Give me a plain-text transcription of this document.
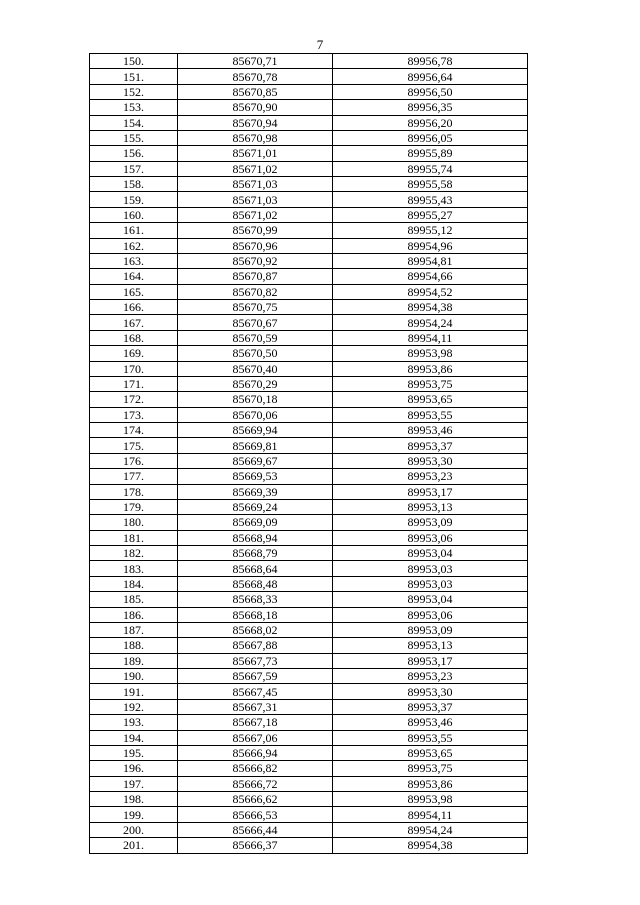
7
150.	85670,71	89956,78
151.	85670,78	89956,64
152.	85670,85	89956,50
153.	85670,90	89956,35
154.	85670,94	89956,20
155.	85670,98	89956,05
156.	85671,01	89955,89
157.	85671,02	89955,74
158.	85671,03	89955,58
159.	85671,03	89955,43
160.	85671,02	89955,27
161.	85670,99	89955,12
162.	85670,96	89954,96
163.	85670,92	89954,81
164.	85670,87	89954,66
165.	85670,82	89954,52
166.	85670,75	89954,38
167.	85670,67	89954,24
168.	85670,59	89954,11
169.	85670,50	89953,98
170.	85670,40	89953,86
171.	85670,29	89953,75
172.	85670,18	89953,65
173.	85670,06	89953,55
174.	85669,94	89953,46
175.	85669,81	89953,37
176.	85669,67	89953,30
177.	85669,53	89953,23
178.	85669,39	89953,17
179.	85669,24	89953,13
180.	85669,09	89953,09
181.	85668,94	89953,06
182.	85668,79	89953,04
183.	85668,64	89953,03
184.	85668,48	89953,03
185.	85668,33	89953,04
186.	85668,18	89953,06
187.	85668,02	89953,09
188.	85667,88	89953,13
189.	85667,73	89953,17
190.	85667,59	89953,23
191.	85667,45	89953,30
192.	85667,31	89953,37
193.	85667,18	89953,46
194.	85667,06	89953,55
195.	85666,94	89953,65
196.	85666,82	89953,75
197.	85666,72	89953,86
198.	85666,62	89953,98
199.	85666,53	89954,11
200.	85666,44	89954,24
201.	85666,37	89954,38
